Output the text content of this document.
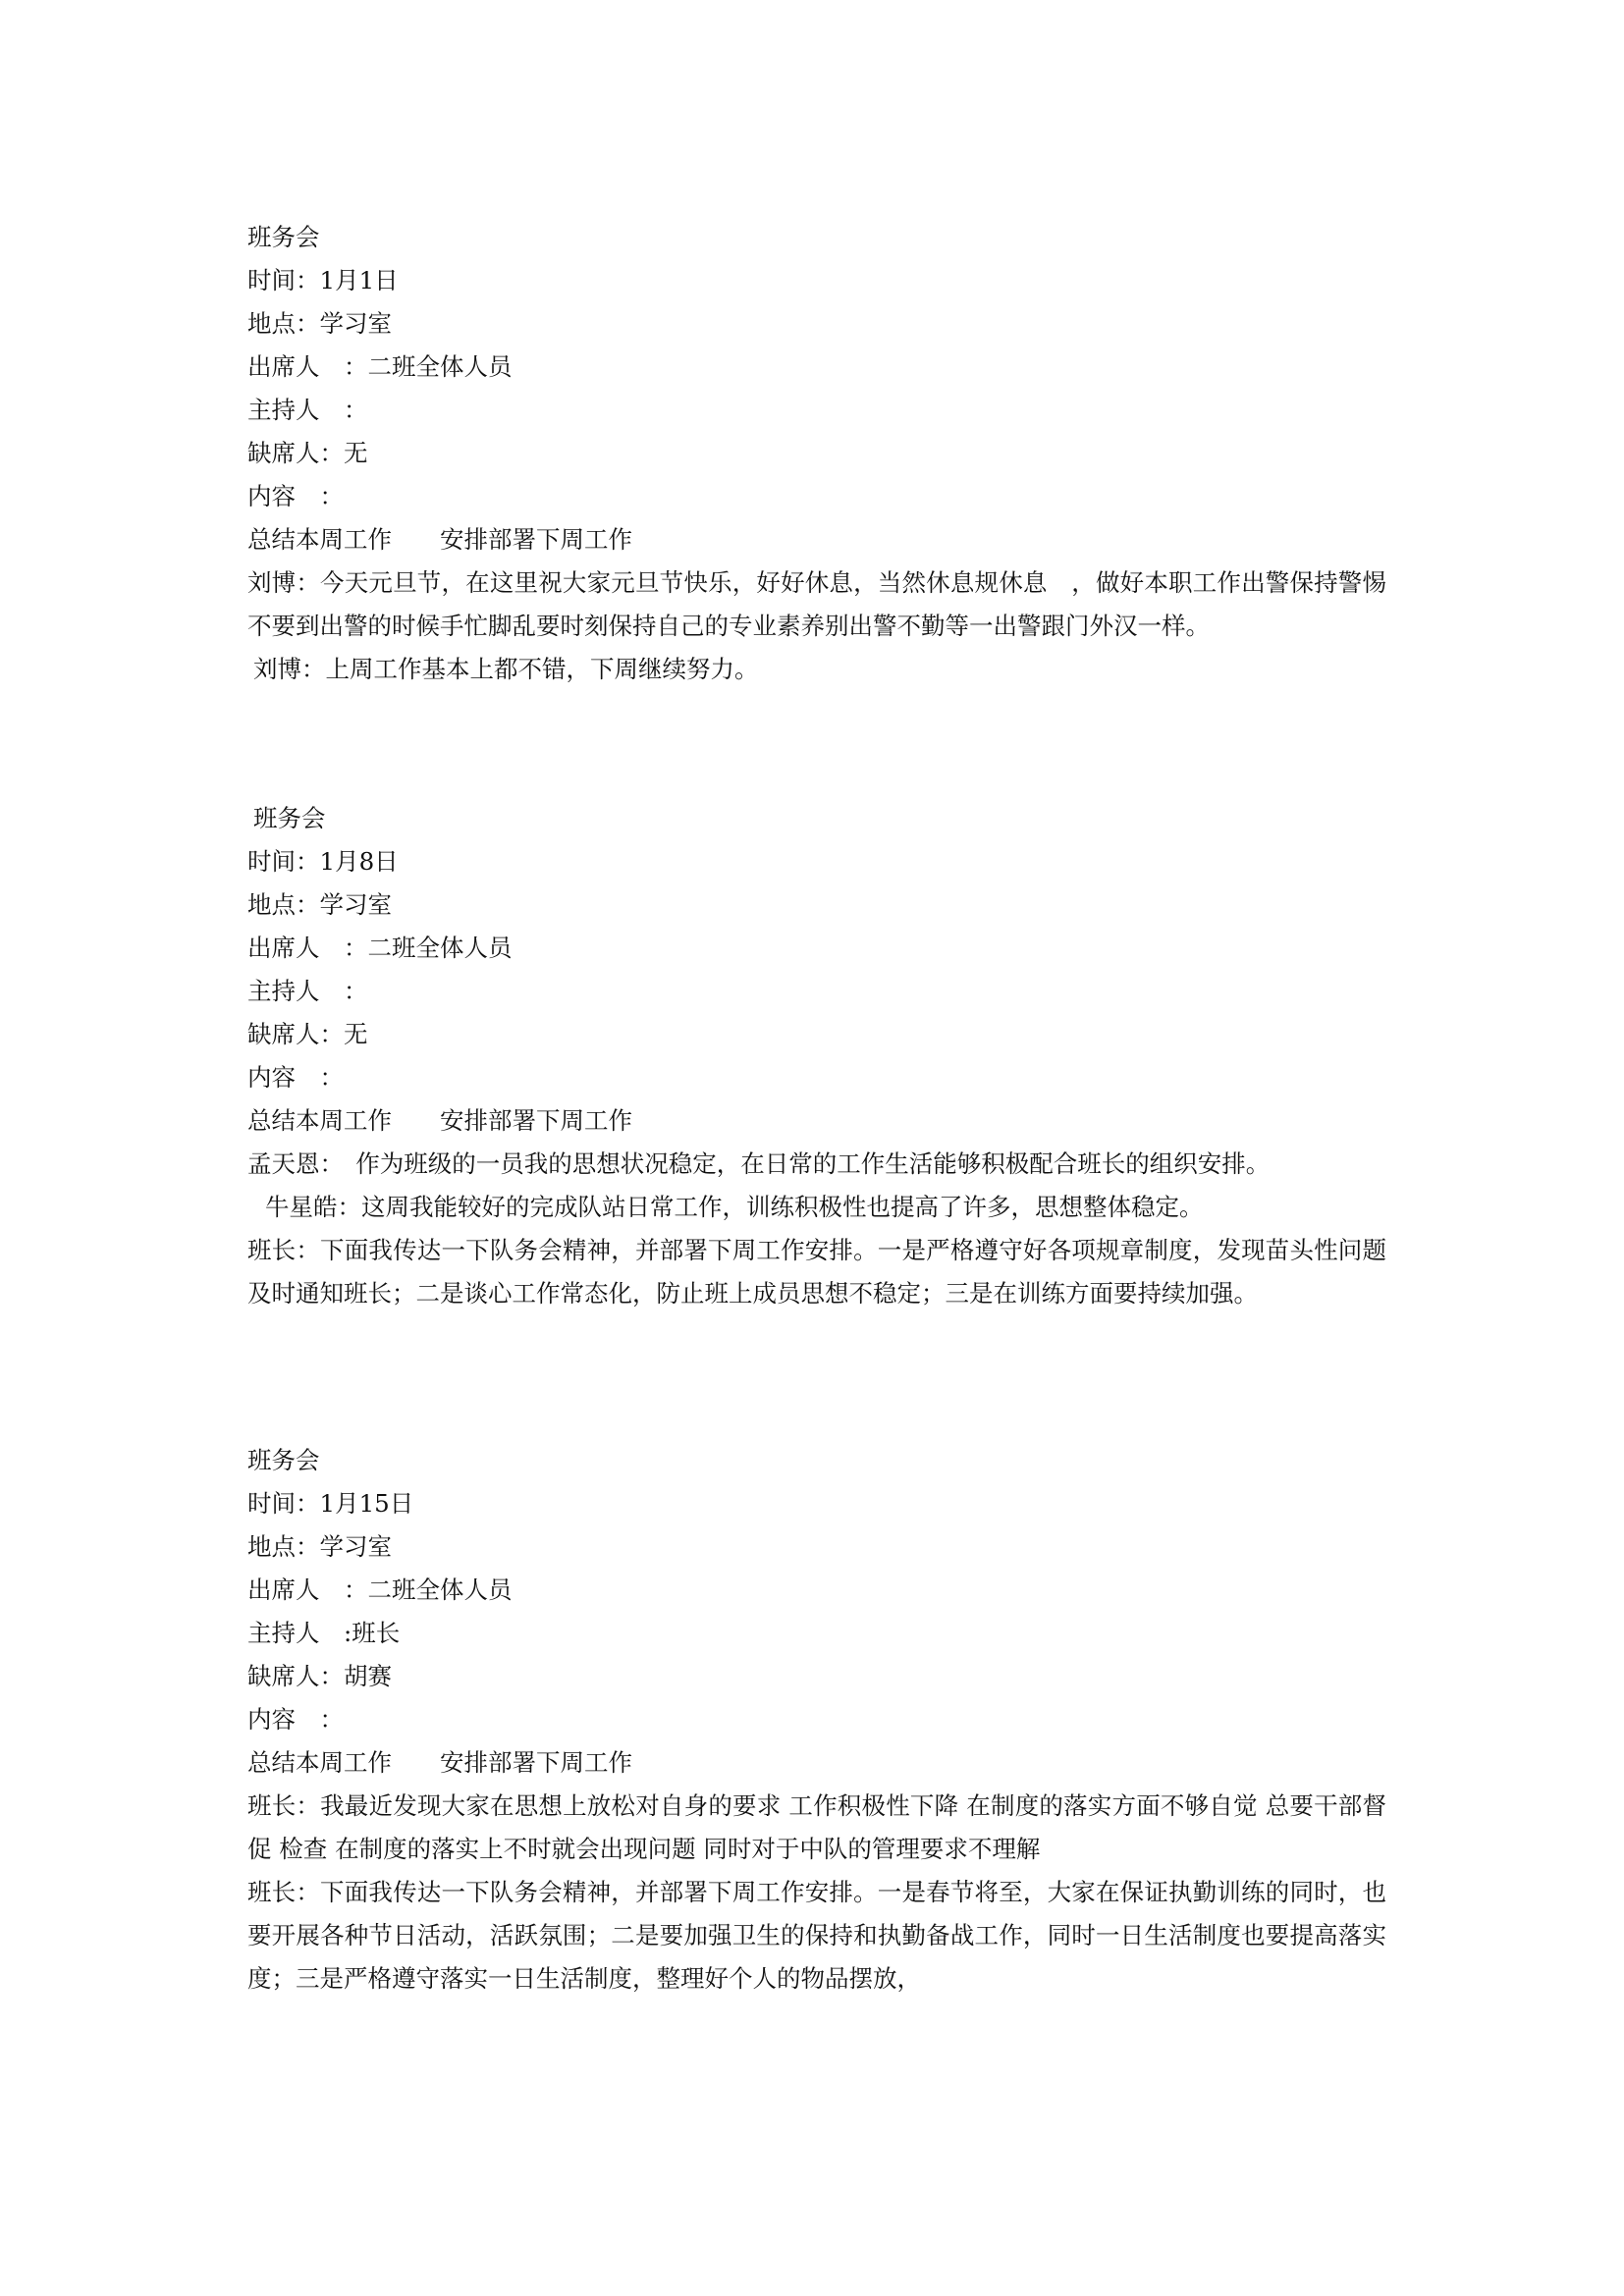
班务会
时间：1月1日
地点：学习室
出席人　：二班全体人员
主持人　：
缺席人：无
内容　：
总结本周工作　　安排部署下周工作
刘博：今天元旦节，在这里祝大家元旦节快乐，好好休息，当然休息规休息　，做好本职工作出警保持警惕 不要到出警的时候手忙脚乱要时刻保持自己的专业素养别出警不勤等一出警跟门外汉一样。
刘博：上周工作基本上都不错，下周继续努力。
班务会
时间：1月8日
地点：学习室
出席人　：二班全体人员
主持人　：
缺席人：无
内容　：
总结本周工作　　安排部署下周工作
孟天恩：　作为班级的一员我的思想状况稳定，在日常的工作生活能够积极配合班长的组织安排。
牛星皓：这周我能较好的完成队站日常工作，训练积极性也提高了许多，思想整体稳定。
班长：下面我传达一下队务会精神，并部署下周工作安排。一是严格遵守好各项规章制度，发现苗头性问题及时通知班长；二是谈心工作常态化，防止班上成员思想不稳定；三是在训练方面要持续加强。
班务会
时间：1月15日
地点：学习室
出席人　：二班全体人员
主持人　:班长
缺席人：胡赛
内容　：
总结本周工作　　安排部署下周工作
班长：我最近发现大家在思想上放松对自身的要求 工作积极性下降 在制度的落实方面不够自觉 总要干部督促 检查 在制度的落实上不时就会出现问题 同时对于中队的管理要求不理解
班长：下面我传达一下队务会精神，并部署下周工作安排。一是春节将至，大家在保证执勤训练的同时，也要开展各种节日活动，活跃氛围；二是要加强卫生的保持和执勤备战工作，同时一日生活制度也要提高落实度；三是严格遵守落实一日生活制度，整理好个人的物品摆放，
